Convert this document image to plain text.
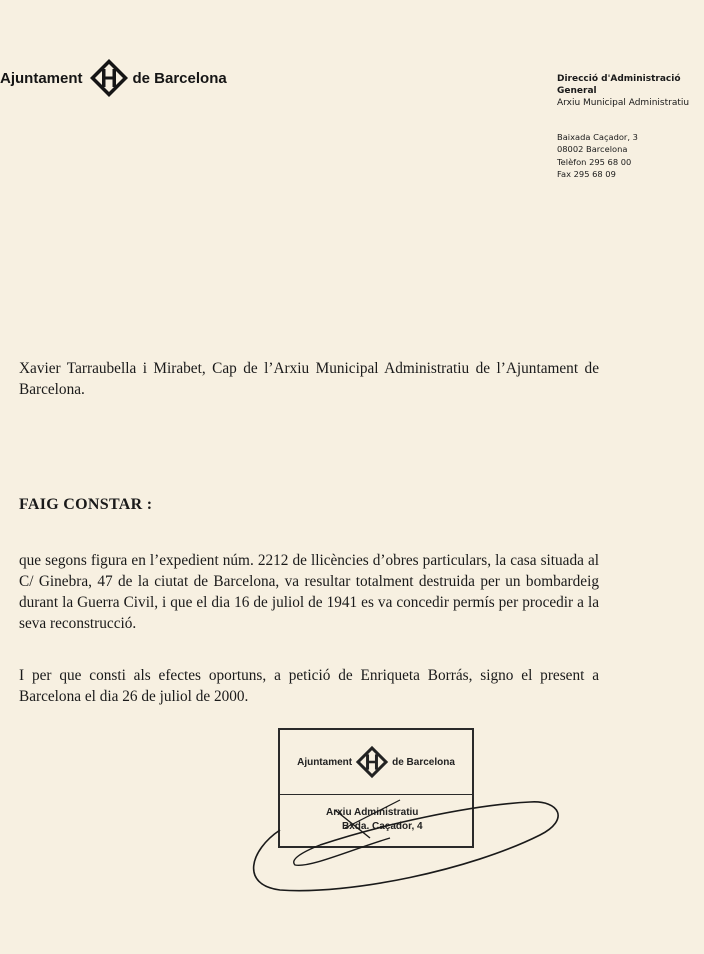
Ajuntament	de Barcelona	Direcció d'Administració
General
Arxiu Municipal Administratiu
Baixada Caçador, 3
08002 Barcelona
Telèfon 295 68 00
Fax 295 68 09

Xavier Tarraubella i Mirabet, Cap de l’Arxiu Municipal Administratiu de l’Ajuntament de Barcelona.

FAIG CONSTAR :

que segons figura en l’expedient núm. 2212 de llicències d’obres particulars, la casa situada al C/ Ginebra, 47 de la ciutat de Barcelona, va resultar totalment destruida per un bombardeig durant la Guerra Civil, i que el dia 16 de juliol de 1941 es va concedir permís per procedir a la seva reconstrucció.

I per que consti als efectes oportuns, a petició de Enriqueta Borrás, signo el present a Barcelona el dia 26 de juliol de 2000.

Ajuntament	de Barcelona
Arxiu Administratiu
Bxda. Caçador, 4
